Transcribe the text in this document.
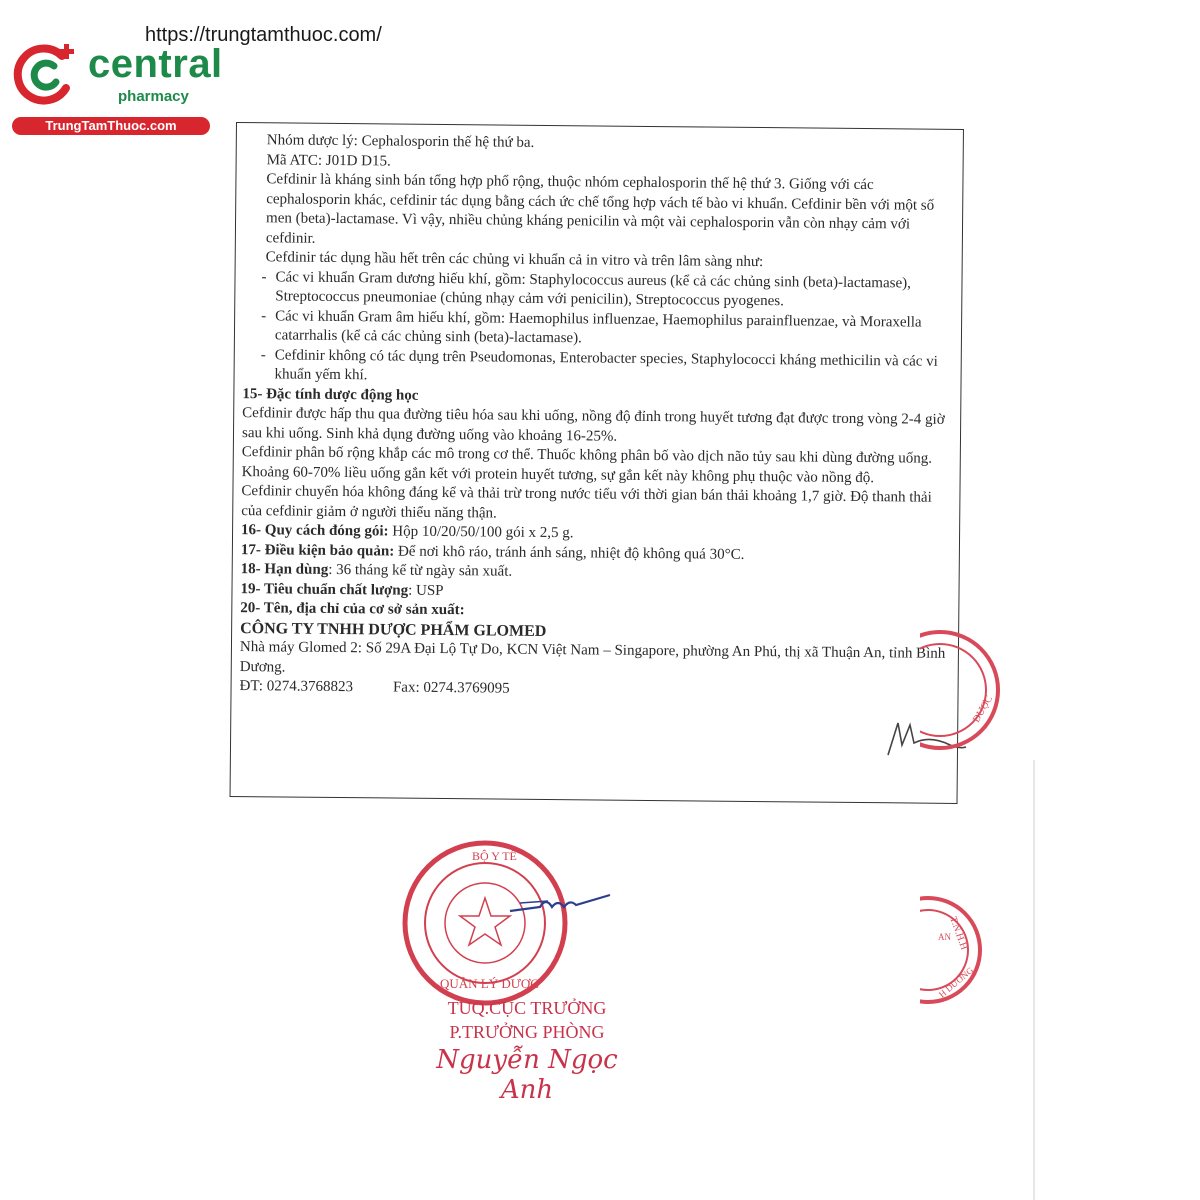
https://trungtamthuoc.com/
central
pharmacy
TrungTamThuoc.com

Nhóm dược lý: Cephalosporin thế hệ thứ ba.

Mã ATC: J01D D15.

Cefdinir là kháng sinh bán tổng hợp phổ rộng, thuộc nhóm cephalosporin thế hệ thứ 3. Giống với các cephalosporin khác, cefdinir tác dụng bằng cách ức chế tổng hợp vách tế bào vi khuẩn. Cefdinir bền với một số men (beta)-lactamase. Vì vậy, nhiều chủng kháng penicilin và một vài cephalosporin vẫn còn nhạy cảm với cefdinir.

Cefdinir tác dụng hầu hết trên các chủng vi khuẩn cả in vitro và trên lâm sàng như:

- Các vi khuẩn Gram dương hiếu khí, gồm: Staphylococcus aureus (kể cả các chủng sinh (beta)-lactamase), Streptococcus pneumoniae (chủng nhạy cảm với penicilin), Streptococcus pyogenes.

- Các vi khuẩn Gram âm hiếu khí, gồm: Haemophilus influenzae, Haemophilus parainfluenzae, và Moraxella catarrhalis (kể cả các chủng sinh (beta)-lactamase).

- Cefdinir không có tác dụng trên Pseudomonas, Enterobacter species, Staphylococci kháng methicilin và các vi khuẩn yếm khí.

15- Đặc tính dược động học

Cefdinir được hấp thu qua đường tiêu hóa sau khi uống, nồng độ đỉnh trong huyết tương đạt được trong vòng 2-4 giờ sau khi uống. Sinh khả dụng đường uống vào khoảng 16-25%.

Cefdinir phân bố rộng khắp các mô trong cơ thể. Thuốc không phân bố vào dịch não tủy sau khi dùng đường uống. Khoảng 60-70% liều uống gắn kết với protein huyết tương, sự gắn kết này không phụ thuộc vào nồng độ.

Cefdinir chuyển hóa không đáng kể và thải trừ trong nước tiểu với thời gian bán thải khoảng 1,7 giờ. Độ thanh thải của cefdinir giảm ở người thiểu năng thận.

16- Quy cách đóng gói: Hộp 10/20/50/100 gói x 2,5 g.

17- Điều kiện bảo quản: Để nơi khô ráo, tránh ánh sáng, nhiệt độ không quá 30°C.

18- Hạn dùng: 36 tháng kể từ ngày sản xuất.

19- Tiêu chuẩn chất lượng: USP

20- Tên, địa chỉ của cơ sở sản xuất:

CÔNG TY TNHH DƯỢC PHẨM GLOMED

Nhà máy Glomed 2: Số 29A Đại Lộ Tự Do, KCN Việt Nam – Singapore, phường An Phú, thị xã Thuận An, tỉnh Bình Dương.

ĐT: 0274.3768823	Fax: 0274.3769095

DƯỢC
T.N.H.H
AN
H DƯƠNG
BỘ Y TẾ
QUẢN LÝ DƯỢC
TUQ.CỤC TRƯỞNG
P.TRƯỞNG PHÒNG
Nguyễn Ngọc Anh
